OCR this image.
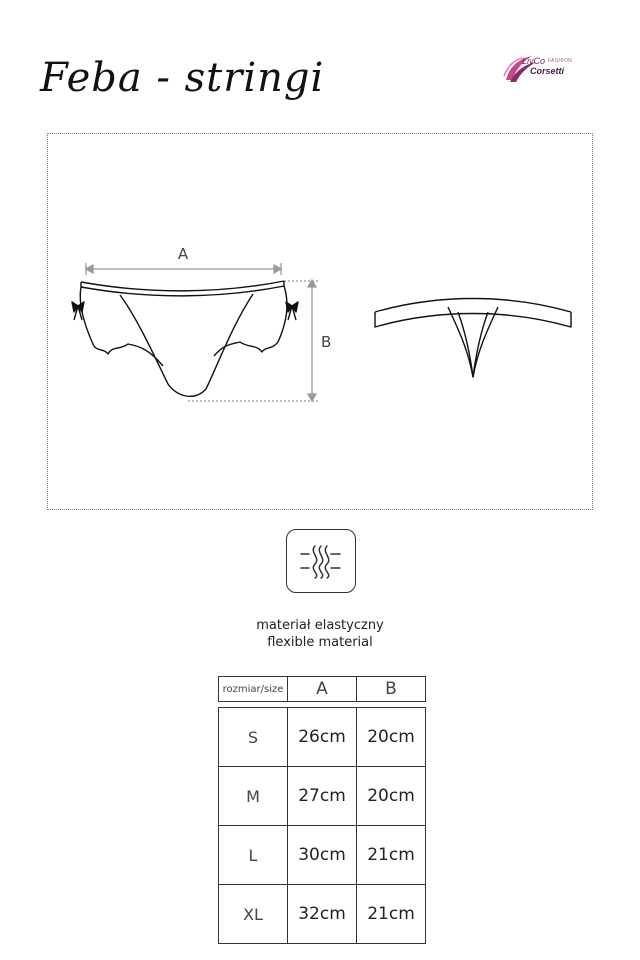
Feba - stringi	LivCo FASHION
Corsetti
A
B
materiał elastyczny
flexible material
rozmiar/size	A	B

S	26cm	20cm
M	27cm	20cm
L	30cm	21cm
XL	32cm	21cm
